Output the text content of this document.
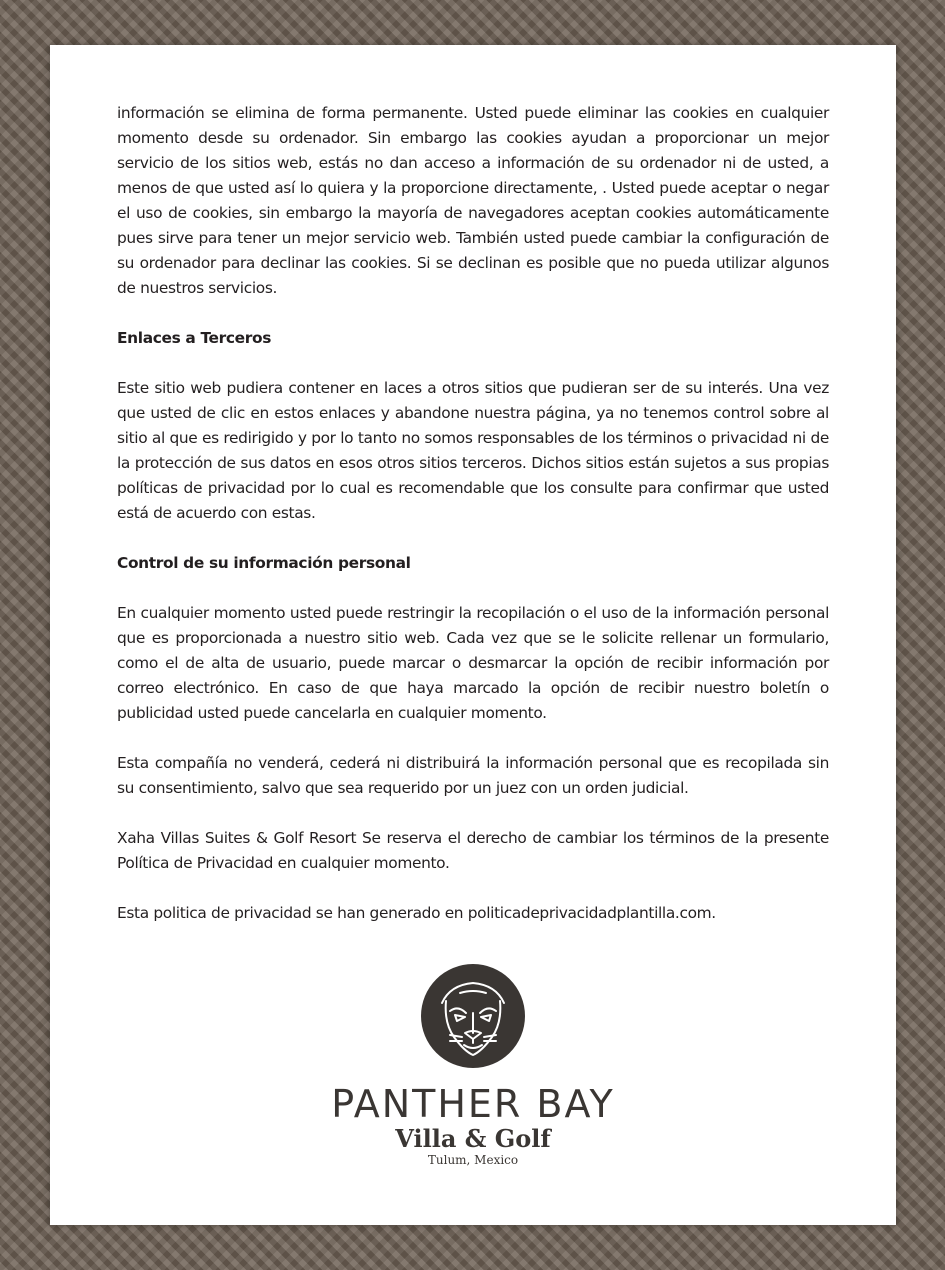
información se elimina de forma permanente. Usted puede eliminar las cookies en cualquier momento desde su ordenador. Sin embargo las cookies ayudan a proporcionar un mejor servicio de los sitios web, estás no dan acceso a información de su ordenador ni de usted, a menos de que usted así lo quiera y la proporcione directamente, . Usted puede aceptar o negar el uso de cookies, sin embargo la mayoría de navegadores aceptan cookies automáticamente pues sirve para tener un mejor servicio web. También usted puede cambiar la configuración de su ordenador para declinar las cookies. Si se declinan es posible que no pueda utilizar algunos de nuestros servicios.

Enlaces a Terceros

Este sitio web pudiera contener en laces a otros sitios que pudieran ser de su interés. Una vez que usted de clic en estos enlaces y abandone nuestra página, ya no tenemos control sobre al sitio al que es redirigido y por lo tanto no somos responsables de los términos o privacidad ni de la protección de sus datos en esos otros sitios terceros. Dichos sitios están sujetos a sus propias políticas de privacidad por lo cual es recomendable que los consulte para confirmar que usted está de acuerdo con estas.

Control de su información personal

En cualquier momento usted puede restringir la recopilación o el uso de la información personal que es proporcionada a nuestro sitio web. Cada vez que se le solicite rellenar un formulario, como el de alta de usuario, puede marcar o desmarcar la opción de recibir información por correo electrónico. En caso de que haya marcado la opción de recibir nuestro boletín o publicidad usted puede cancelarla en cualquier momento.

Esta compañía no venderá, cederá ni distribuirá la información personal que es recopilada sin su consentimiento, salvo que sea requerido por un juez con un orden judicial.

Xaha Villas Suites & Golf Resort Se reserva el derecho de cambiar los términos de la presente Política de Privacidad en cualquier momento.

Esta politica de privacidad se han generado en politicadeprivacidadplantilla.com.

PANTHER BAY
Villa & Golf
Tulum, Mexico
